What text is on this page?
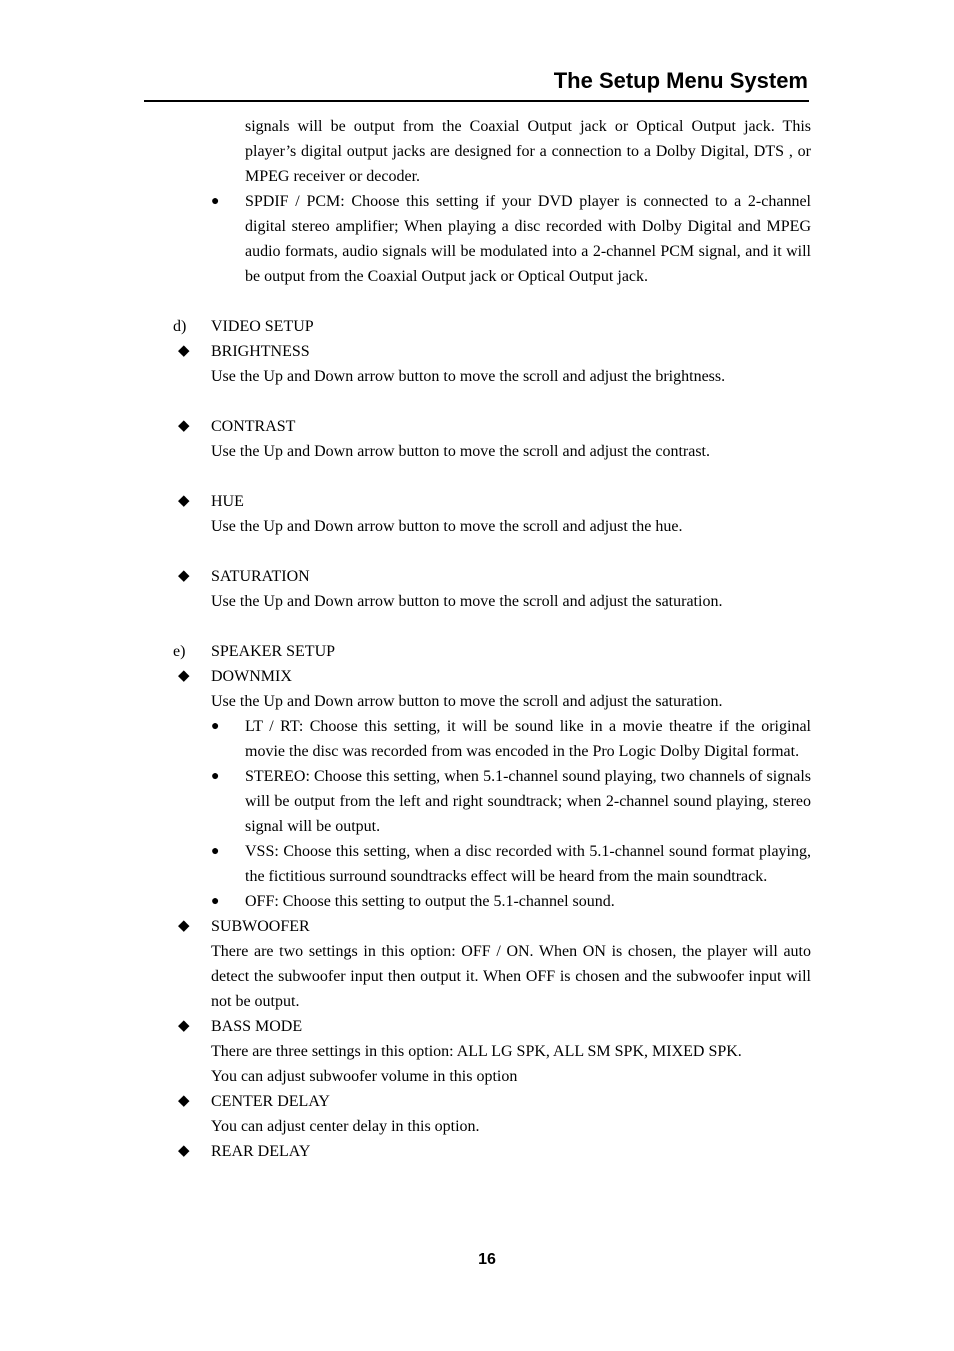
The Setup Menu System
signals will be output from the Coaxial Output jack or Optical Output jack. This player’s digital output jacks are designed for a connection to a Dolby Digital, DTS , or MPEG receiver or decoder.
● SPDIF / PCM: Choose this setting if your DVD player is connected to a 2-channel digital stereo amplifier; When playing a disc recorded with Dolby Digital and MPEG audio formats, audio signals will be modulated into a 2-channel PCM signal, and it will be output from the Coaxial Output jack or Optical Output jack.
d) VIDEO SETUP
◆ BRIGHTNESS
Use the Up and Down arrow button to move the scroll and adjust the brightness.
◆ CONTRAST
Use the Up and Down arrow button to move the scroll and adjust the contrast.
◆ HUE
Use the Up and Down arrow button to move the scroll and adjust the hue.
◆ SATURATION
Use the Up and Down arrow button to move the scroll and adjust the saturation.
e) SPEAKER SETUP
◆ DOWNMIX
Use the Up and Down arrow button to move the scroll and adjust the saturation.
● LT / RT: Choose this setting, it will be sound like in a movie theatre if the original movie the disc was recorded from was encoded in the Pro Logic Dolby Digital format.
● STEREO: Choose this setting, when 5.1-channel sound playing, two channels of signals will be output from the left and right soundtrack; when 2-channel sound playing, stereo signal will be output.
● VSS: Choose this setting, when a disc recorded with 5.1-channel sound format playing, the fictitious surround soundtracks effect will be heard from the main soundtrack.
● OFF: Choose this setting to output the 5.1-channel sound.
◆ SUBWOOFER
There are two settings in this option: OFF / ON. When ON is chosen, the player will auto detect the subwoofer input then output it. When OFF is chosen and the subwoofer input will not be output.
◆ BASS MODE
There are three settings in this option: ALL LG SPK, ALL SM SPK, MIXED SPK.
You can adjust subwoofer volume in this option
◆ CENTER DELAY
You can adjust center delay in this option.
◆ REAR DELAY
16
